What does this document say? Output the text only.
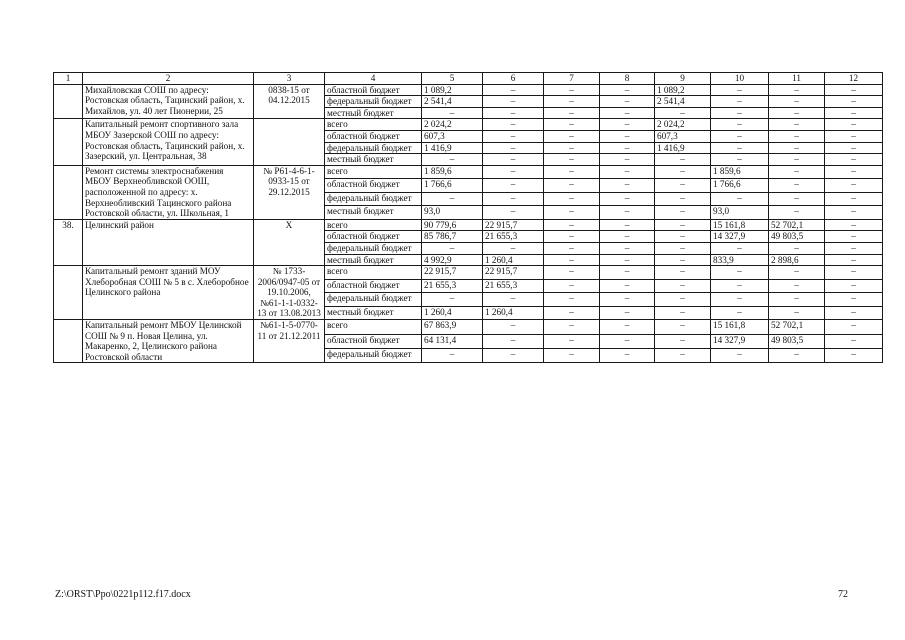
1	2	3	4	5	6	7	8	9	10	11	12
	Михайловская СОШ по адресу: Ростовская область, Тацинский район, х. Михайлов, ул. 40 лет Пионерии, 25	0838-15 от 04.12.2015	областной бюджет	1 089,2	–	–	–	1 089,2	–	–	–
			федеральный бюджет	2 541,4	–	–	–	2 541,4	–	–	–
			местный бюджет	–	–	–	–	–	–	–	–
	Капитальный ремонт спортивного зала МБОУ Зазерской СОШ по адресу: Ростовская область, Тацинский район, х. Зазерский, ул. Центральная, 38		всего	2 024,2	–	–	–	2 024,2	–	–	–
			областной бюджет	607,3	–	–	–	607,3	–	–	–
			федеральный бюджет	1 416,9	–	–	–	1 416,9	–	–	–
			местный бюджет	–	–	–	–	–	–	–	–
	Ремонт системы электроснабжения МБОУ Верхнеобливской ООШ, расположенной по адресу: х. Верхнеобливский Тацинского района Ростовской области, ул. Школьная, 1	№ Р61-4-6-1-0933-15 от 29.12.2015	всего	1 859,6	–	–	–	–	1 859,6	–	–
			областной бюджет	1 766,6	–	–	–	–	1 766,6	–	–
			федеральный бюджет	–	–	–	–	–	–	–	–
			местный бюджет	93,0	–	–	–	–	93,0	–	–
38.	Целинский район	Х	всего	90 779,6	22 915,7	–	–	–	15 161,8	52 702,1	–
			областной бюджет	85 786,7	21 655,3	–	–	–	14 327,9	49 803,5	–
			федеральный бюджет	–	–	–	–	–	–	–	–
			местный бюджет	4 992,9	1 260,4	–	–	–	833,9	2 898,6	–
	Капитальный ремонт зданий МОУ Хлеборобная СОШ № 5 в с. Хлеборобное Целинского района	№ 1733-2006/0947-05 от 19.10.2006, №61-1-1-0332-13 от 13.08.2013	всего	22 915,7	22 915,7	–	–	–	–	–	–
			областной бюджет	21 655,3	21 655,3	–	–	–	–	–	–
			федеральный бюджет	–	–	–	–	–	–	–	–
			местный бюджет	1 260,4	1 260,4	–	–	–	–	–	–
	Капитальный ремонт МБОУ Целинской СОШ № 9 п. Новая Целина, ул. Макаренко, 2, Целинского района Ростовской области	№61-1-5-0770-11 от 21.12.2011	всего	67 863,9	–	–	–	–	15 161,8	52 702,1	–
			областной бюджет	64 131,4	–	–	–	–	14 327,9	49 803,5	–
			федеральный бюджет	–	–	–	–	–	–	–	–
Z:\ORST\Ppo\0221p112.f17.docx	72
